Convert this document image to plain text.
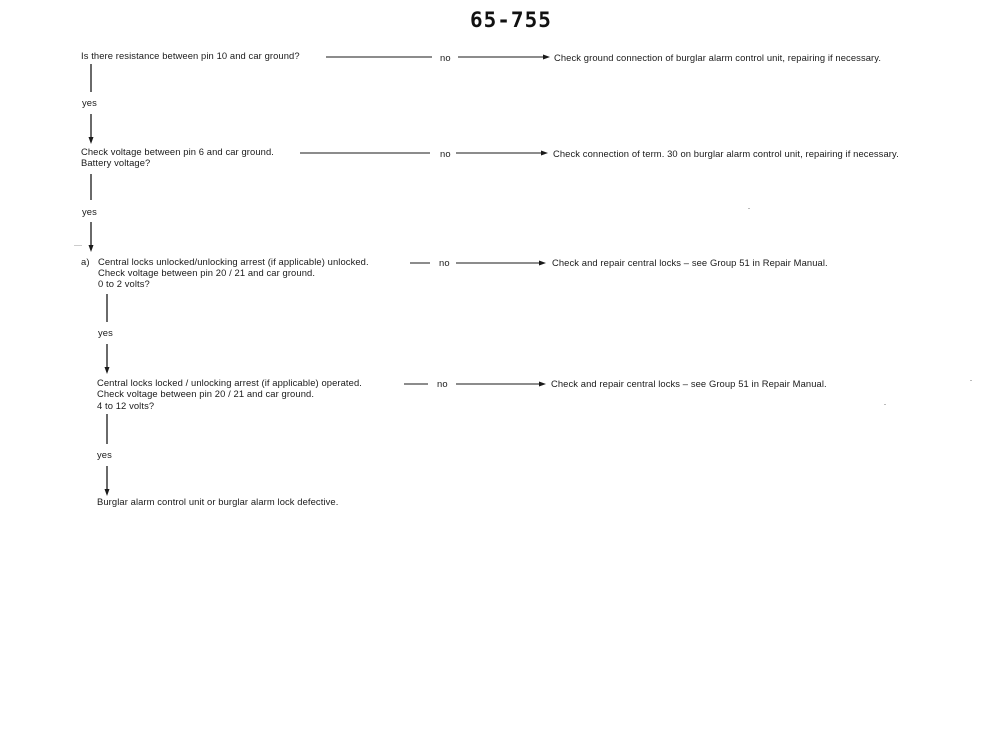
65-755
Is there resistance between pin 10 and car ground?	no	Check ground connection of burglar alarm control unit, repairing if necessary.
yes
Check voltage between pin 6 and car ground.
Battery voltage?
no	Check connection of term. 30 on burglar alarm control unit, repairing if necessary.
yes
a) Central locks unlocked/unlocking arrest (if applicable) unlocked.
Check voltage between pin 20 / 21 and car ground.
0 to 2 volts?
no	Check and repair central locks – see Group 51 in Repair Manual.
yes
Central locks locked / unlocking arrest (if applicable) operated.
Check voltage between pin 20 / 21 and car ground.
4 to 12 volts?
no	Check and repair central locks – see Group 51 in Repair Manual.
yes
Burglar alarm control unit or burglar alarm lock defective.
